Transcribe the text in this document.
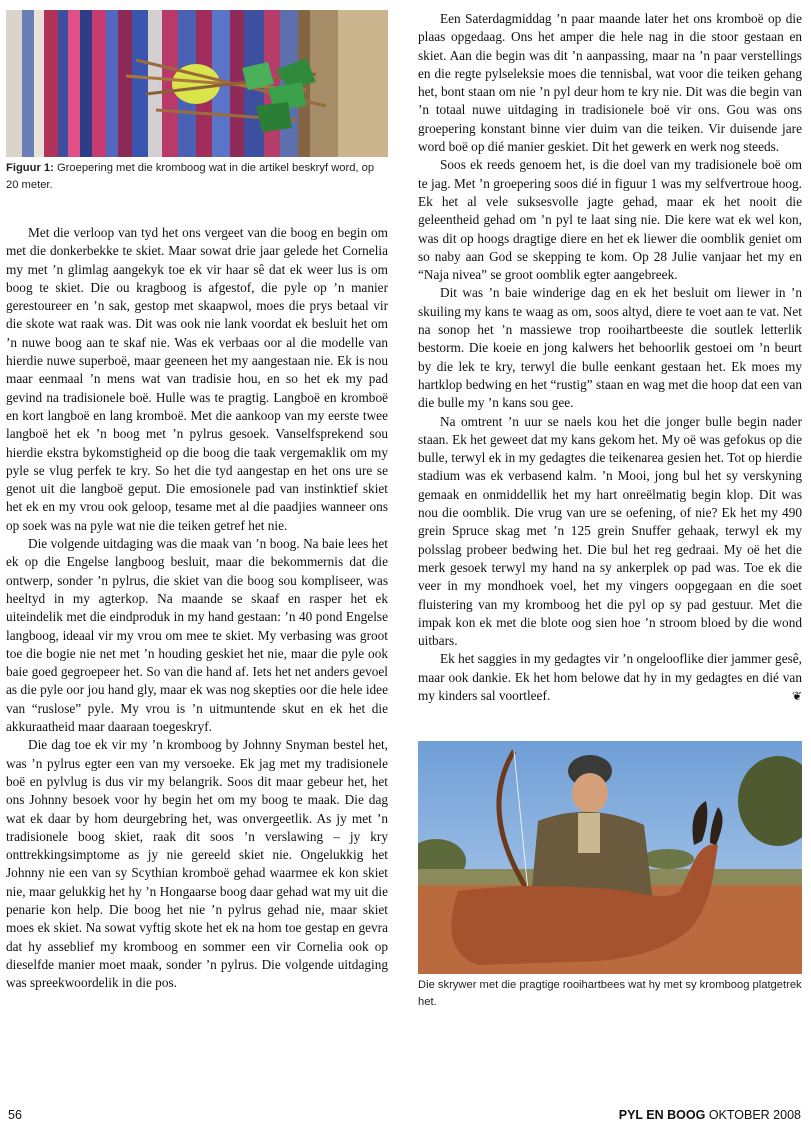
Figuur 1: Groepering met die kromboog wat in die artikel beskryf word, op 20 meter.

Met die verloop van tyd het ons vergeet van die boog en begin om met die donkerbekke te skiet. Maar sowat drie jaar gelede het Cornelia my met ’n glimlag aangekyk toe ek vir haar sê dat ek weer lus is om boog te skiet. Die ou kragboog is afgestof, die pyle op ’n manier gerestoureer en ’n sak, gestop met skaapwol, moes die prys betaal vir die skote wat raak was. Dit was ook nie lank voordat ek besluit het om ’n nuwe boog aan te skaf nie. Was ek verbaas oor al die modelle van hierdie nuwe superboë, maar geeneen het my aangestaan nie. Ek is nou maar eenmaal ’n mens wat van tradisie hou, en so het ek my pad gevind na tradisionele boë. Hulle was te pragtig. Langboë en kromboë en kort langboë en lang kromboë. Met die aankoop van my eerste twee langboë het ek ’n boog met ’n pylrus gesoek. Vanselfsprekend sou hierdie ekstra bykomstigheid op die boog die taak vergemaklik om my pyle se vlug perfek te kry. So het die tyd aangestap en het ons ure se genot uit die langboë geput. Die emosionele pad van instinktief skiet het ek en my vrou ook geloop, tesame met al die paadjies wanneer ons op soek was na pyle wat nie die teiken getref het nie.

Die volgende uitdaging was die maak van ’n boog. Na baie lees het ek op die Engelse langboog besluit, maar die bekommernis dat die ontwerp, sonder ’n pylrus, die skiet van die boog sou kompliseer, was heeltyd in my agterkop. Na maande se skaaf en rasper het ek uiteindelik met die eindproduk in my hand gestaan: ’n 40 pond Engelse langboog, ideaal vir my vrou om mee te skiet. My verbasing was groot toe die bogie nie net met ’n houding geskiet het nie, maar die pyle ook baie goed gegroepeer het. So van die hand af. Iets het net anders gevoel as die pyle oor jou hand gly, maar ek was nog skepties oor die hele idee van “ruslose” pyle. My vrou is ’n uitmuntende skut en ek het die akkuraatheid maar daaraan toegeskryf.

Die dag toe ek vir my ’n kromboog by Johnny Snyman bestel het, was ’n pylrus egter een van my versoeke. Ek jag met my tradisionele boë en pylvlug is dus vir my belangrik. Soos dit maar gebeur het, het ons Johnny besoek voor hy begin het om my boog te maak. Die dag wat ek daar by hom deurgebring het, was onvergeetlik. As jy met ’n tradisionele boog skiet, raak dit soos ’n verslawing – jy kry onttrekkingsimptome as jy nie gereeld skiet nie. Ongelukkig het Johnny nie een van sy Scythian kromboë gehad waarmee ek kon skiet nie, maar gelukkig het hy ’n Hongaarse boog daar gehad wat my uit die penarie kon help. Die boog het nie ’n pylrus gehad nie, maar skiet moes ek skiet. Na sowat vyftig skote het ek na hom toe gestap en gevra dat hy asseblief my kromboog en sommer een vir Cornelia ook op dieselfde manier moet maak, sonder ’n pylrus. Die volgende uitdaging was spreekwoordelik in die pos.

Een Saterdagmiddag ’n paar maande later het ons kromboë op die plaas opgedaag. Ons het amper die hele nag in die stoor gestaan en skiet. Aan die begin was dit ’n aanpassing, maar na ’n paar verstellings en die regte pylseleksie moes die tennisbal, wat voor die teiken gehang het, bont staan om nie ’n pyl deur hom te kry nie. Dit was die begin van ’n totaal nuwe uitdaging in tradisionele boë vir ons. Gou was ons groepering konstant binne vier duim van die teiken. Vir duisende jare word boë op dié manier geskiet. Dit het gewerk en werk nog steeds.

Soos ek reeds genoem het, is die doel van my tradisionele boë om te jag. Met ’n groepering soos dié in figuur 1 was my selfvertroue hoog. Ek het al vele suksesvolle jagte gehad, maar ek het nooit die geleentheid gehad om ’n pyl te laat sing nie. Die kere wat ek wel kon, was dit op hoogs dragtige diere en het ek liewer die oomblik geniet om so naby aan God se skepping te kom. Op 28 Julie vanjaar het my en “Naja nivea” se groot oomblik egter aangebreek.

Dit was ’n baie winderige dag en ek het besluit om liewer in ’n skuiling my kans te waag as om, soos altyd, diere te voet aan te vat. Net na sonop het ’n massiewe trop rooihartbeeste die soutlek letterlik bestorm. Die koeie en jong kalwers het behoorlik gestoei om ’n beurt by die lek te kry, terwyl die bulle eenkant gestaan het. Ek moes my hartklop bedwing en het “rustig” staan en wag met die hoop dat een van die bulle my ’n kans sou gee.

Na omtrent ’n uur se naels kou het die jonger bulle begin nader staan. Ek het geweet dat my kans gekom het. My oë was gefokus op die bulle, terwyl ek in my gedagtes die teikenarea gesien het. Tot op hierdie stadium was ek verbasend kalm. ’n Mooi, jong bul het sy verskyning gemaak en onmiddellik het my hart onreëlmatig begin klop. Dit was nou die oomblik. Die vrug van ure se oefening, of nie? Ek het my 490 grein Spruce skag met ’n 125 grein Snuffer gehaak, terwyl ek my polsslag probeer bedwing het. Die bul het reg gedraai. My oë het die merk gesoek terwyl my hand na sy ankerplek op pad was. Toe ek die veer in my mondhoek voel, het my vingers oopgegaan en die soet fluistering van my kromboog het die pyl op sy pad gestuur. Met die impak kon ek met die blote oog sien hoe ’n stroom bloed by die wond uitbars.

Ek het saggies in my gedagtes vir ’n ongelooflike dier jammer gesê, maar ook dankie. Ek het hom belowe dat hy in my gedagtes en dié van my kinders sal voortleef.	❦

Die skrywer met die pragtige rooihartbees wat hy met sy kromboog platgetrek het.

56	PYL EN BOOG OKTOBER 2008
